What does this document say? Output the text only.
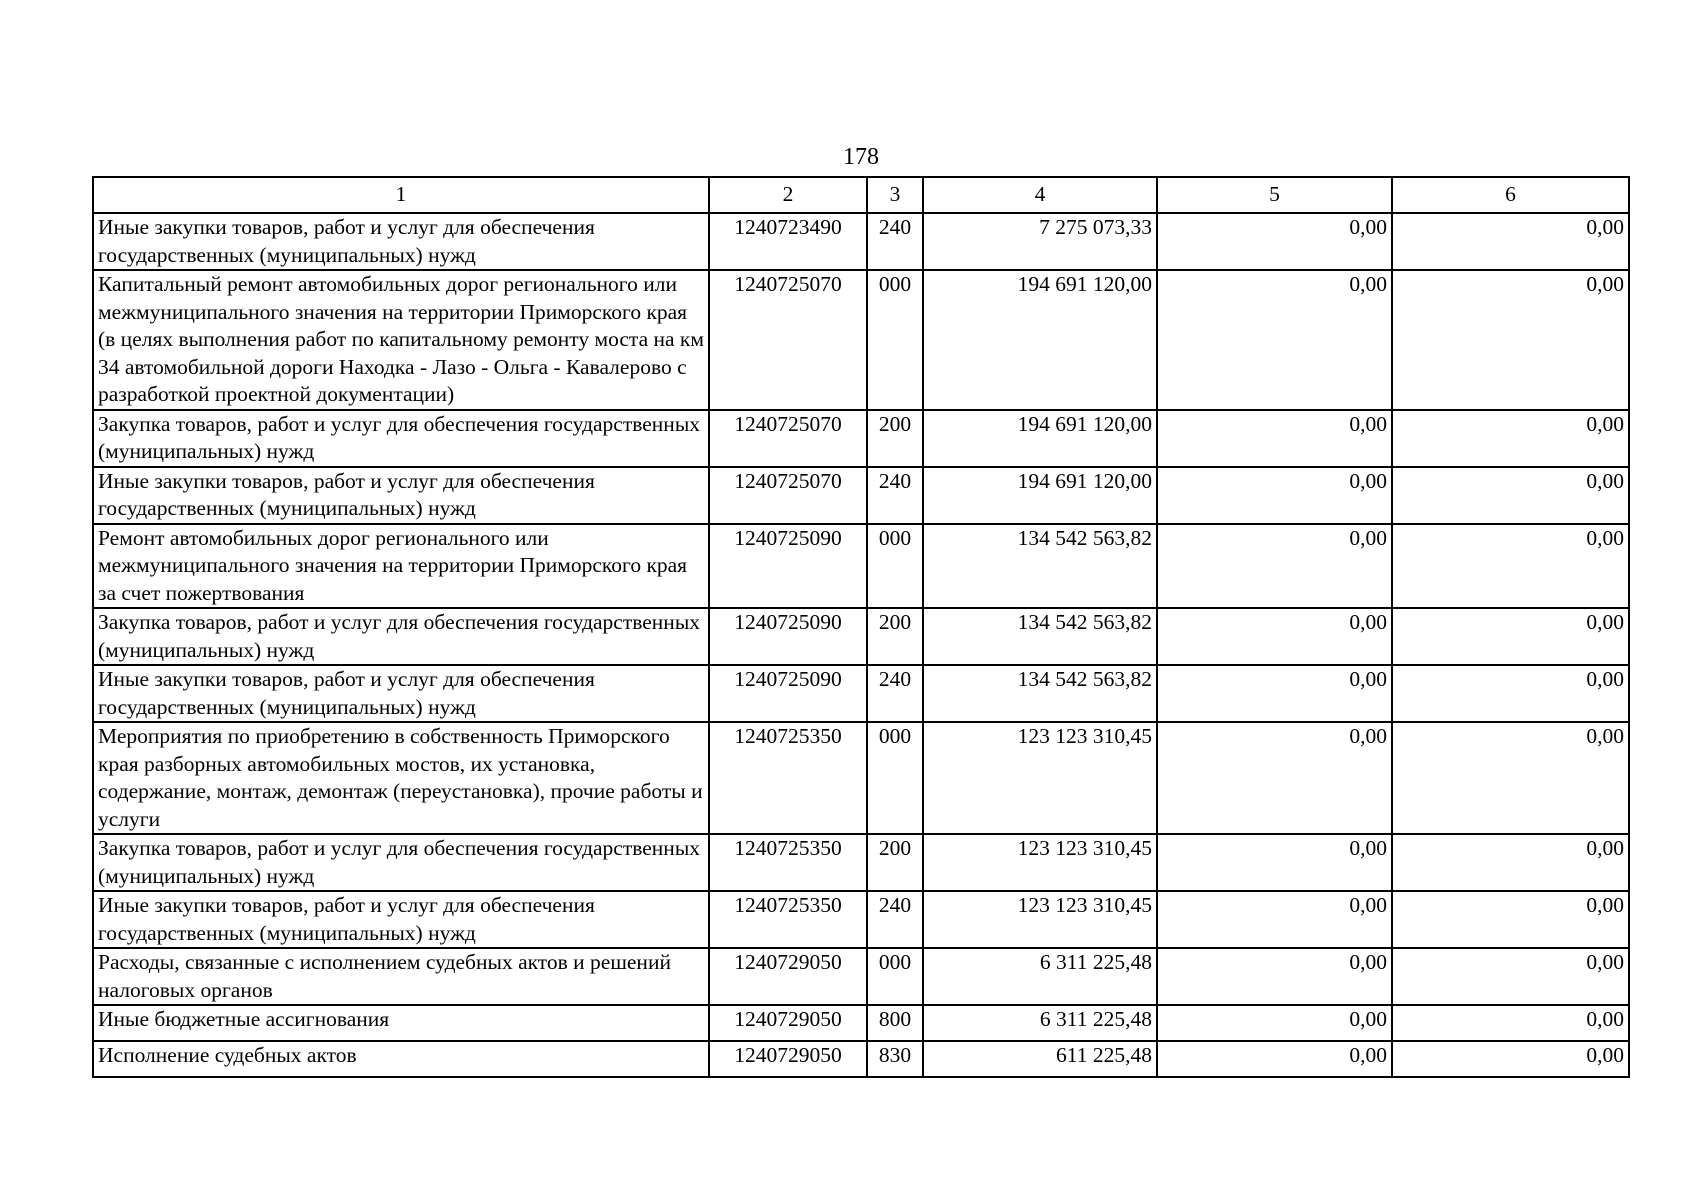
178
1	2	3	4	5	6
Иные закупки товаров, работ и услуг для обеспечения государственных (муниципальных) нужд	1240723490	240	7 275 073,33	0,00	0,00
Капитальный ремонт автомобильных дорог регионального или межмуниципального значения на территории Приморского края (в целях выполнения работ по капитальному ремонту моста на км 34 автомобильной дороги Находка - Лазо - Ольга - Кавалерово с разработкой проектной документации)	1240725070	000	194 691 120,00	0,00	0,00
Закупка товаров, работ и услуг для обеспечения государственных (муниципальных) нужд	1240725070	200	194 691 120,00	0,00	0,00
Иные закупки товаров, работ и услуг для обеспечения государственных (муниципальных) нужд	1240725070	240	194 691 120,00	0,00	0,00
Ремонт автомобильных дорог регионального или межмуниципального значения на территории Приморского края за счет пожертвования	1240725090	000	134 542 563,82	0,00	0,00
Закупка товаров, работ и услуг для обеспечения государственных (муниципальных) нужд	1240725090	200	134 542 563,82	0,00	0,00
Иные закупки товаров, работ и услуг для обеспечения государственных (муниципальных) нужд	1240725090	240	134 542 563,82	0,00	0,00
Мероприятия по приобретению в собственность Приморского края разборных автомобильных мостов, их установка, содержание, монтаж, демонтаж (переустановка), прочие работы и услуги	1240725350	000	123 123 310,45	0,00	0,00
Закупка товаров, работ и услуг для обеспечения государственных (муниципальных) нужд	1240725350	200	123 123 310,45	0,00	0,00
Иные закупки товаров, работ и услуг для обеспечения государственных (муниципальных) нужд	1240725350	240	123 123 310,45	0,00	0,00
Расходы, связанные с исполнением судебных актов и решений налоговых органов	1240729050	000	6 311 225,48	0,00	0,00
Иные бюджетные ассигнования	1240729050	800	6 311 225,48	0,00	0,00
Исполнение судебных актов	1240729050	830	611 225,48	0,00	0,00
